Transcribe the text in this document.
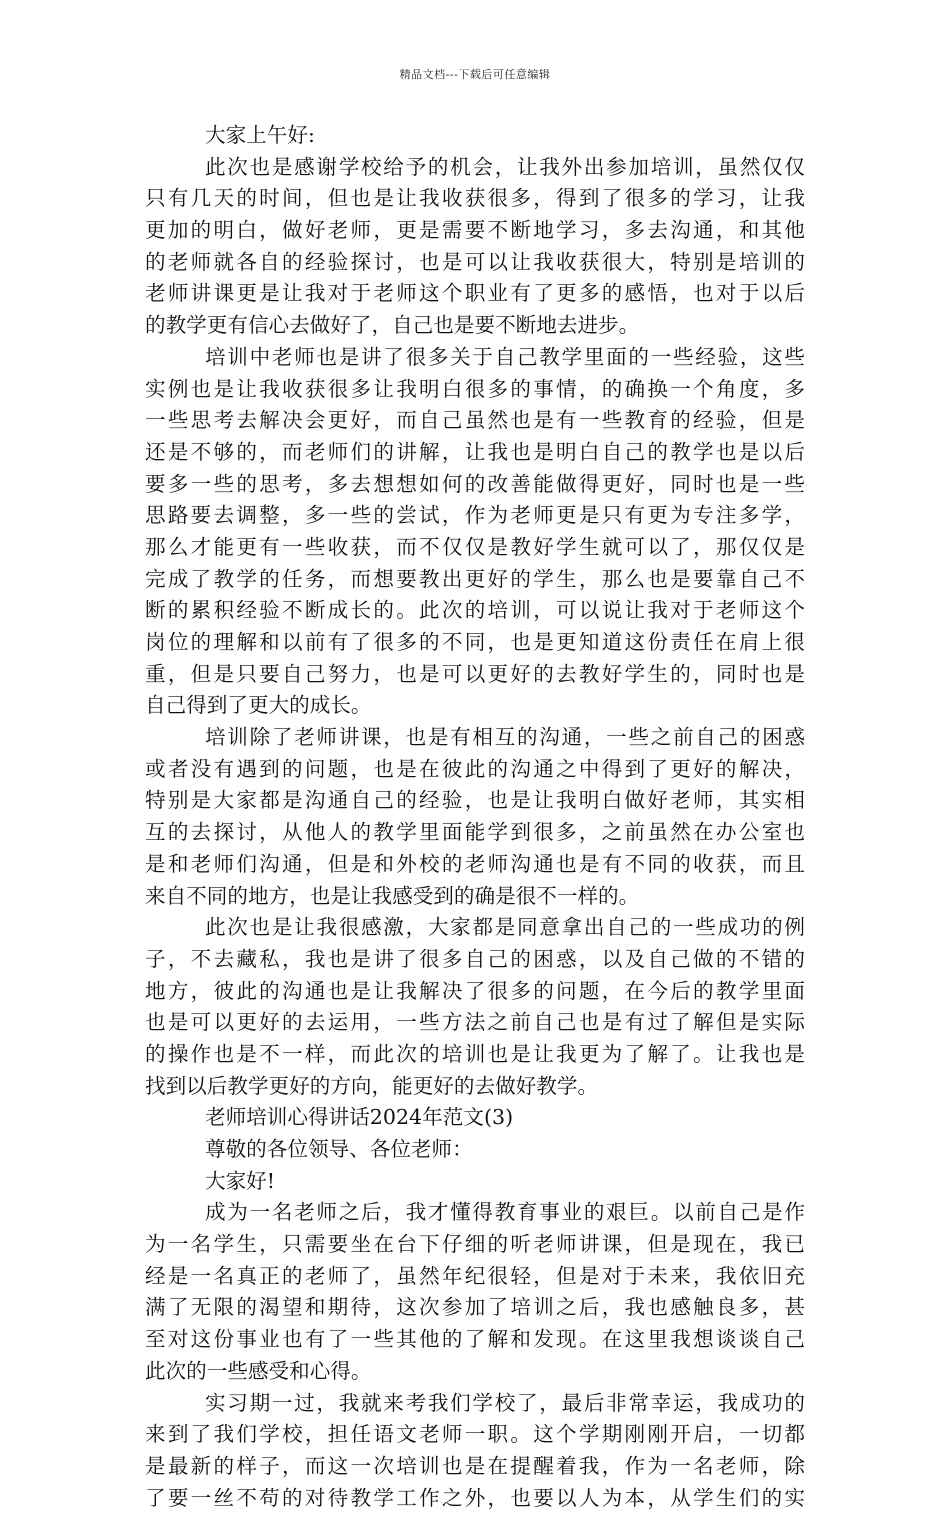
精品文档---下载后可任意编辑
大家上午好:
此次也是感谢学校给予的机会，让我外出参加培训，虽然仅仅
只有几天的时间，但也是让我收获很多，得到了很多的学习，让我
更加的明白，做好老师，更是需要不断地学习，多去沟通，和其他
的老师就各自的经验探讨，也是可以让我收获很大，特别是培训的
老师讲课更是让我对于老师这个职业有了更多的感悟，也对于以后
的教学更有信心去做好了，自己也是要不断地去进步。
培训中老师也是讲了很多关于自己教学里面的一些经验，这些
实例也是让我收获很多让我明白很多的事情，的确换一个角度，多
一些思考去解决会更好，而自己虽然也是有一些教育的经验，但是
还是不够的，而老师们的讲解，让我也是明白自己的教学也是以后
要多一些的思考，多去想想如何的改善能做得更好，同时也是一些
思路要去调整，多一些的尝试，作为老师更是只有更为专注多学，
那么才能更有一些收获，而不仅仅是教好学生就可以了，那仅仅是
完成了教学的任务，而想要教出更好的学生，那么也是要靠自己不
断的累积经验不断成长的。此次的培训，可以说让我对于老师这个
岗位的理解和以前有了很多的不同，也是更知道这份责任在肩上很
重，但是只要自己努力，也是可以更好的去教好学生的，同时也是
自己得到了更大的成长。
培训除了老师讲课，也是有相互的沟通，一些之前自己的困惑
或者没有遇到的问题，也是在彼此的沟通之中得到了更好的解决，
特别是大家都是沟通自己的经验，也是让我明白做好老师，其实相
互的去探讨，从他人的教学里面能学到很多，之前虽然在办公室也
是和老师们沟通，但是和外校的老师沟通也是有不同的收获，而且
来自不同的地方，也是让我感受到的确是很不一样的。
此次也是让我很感激，大家都是同意拿出自己的一些成功的例
子，不去藏私，我也是讲了很多自己的困惑，以及自己做的不错的
地方，彼此的沟通也是让我解决了很多的问题，在今后的教学里面
也是可以更好的去运用，一些方法之前自己也是有过了解但是实际
的操作也是不一样，而此次的培训也是让我更为了解了。让我也是
找到以后教学更好的方向，能更好的去做好教学。
老师培训心得讲话2024年范文(3)
尊敬的各位领导、各位老师：
大家好!
成为一名老师之后，我才懂得教育事业的艰巨。以前自己是作
为一名学生，只需要坐在台下仔细的听老师讲课，但是现在，我已
经是一名真正的老师了，虽然年纪很轻，但是对于未来，我依旧充
满了无限的渴望和期待，这次参加了培训之后，我也感触良多，甚
至对这份事业也有了一些其他的了解和发现。在这里我想谈谈自己
此次的一些感受和心得。
实习期一过，我就来考我们学校了，最后非常幸运，我成功的
来到了我们学校，担任语文老师一职。这个学期刚刚开启，一切都
是最新的样子，而这一次培训也是在提醒着我，作为一名老师，除
了要一丝不苟的对待教学工作之外，也要以人为本，从学生们的实
